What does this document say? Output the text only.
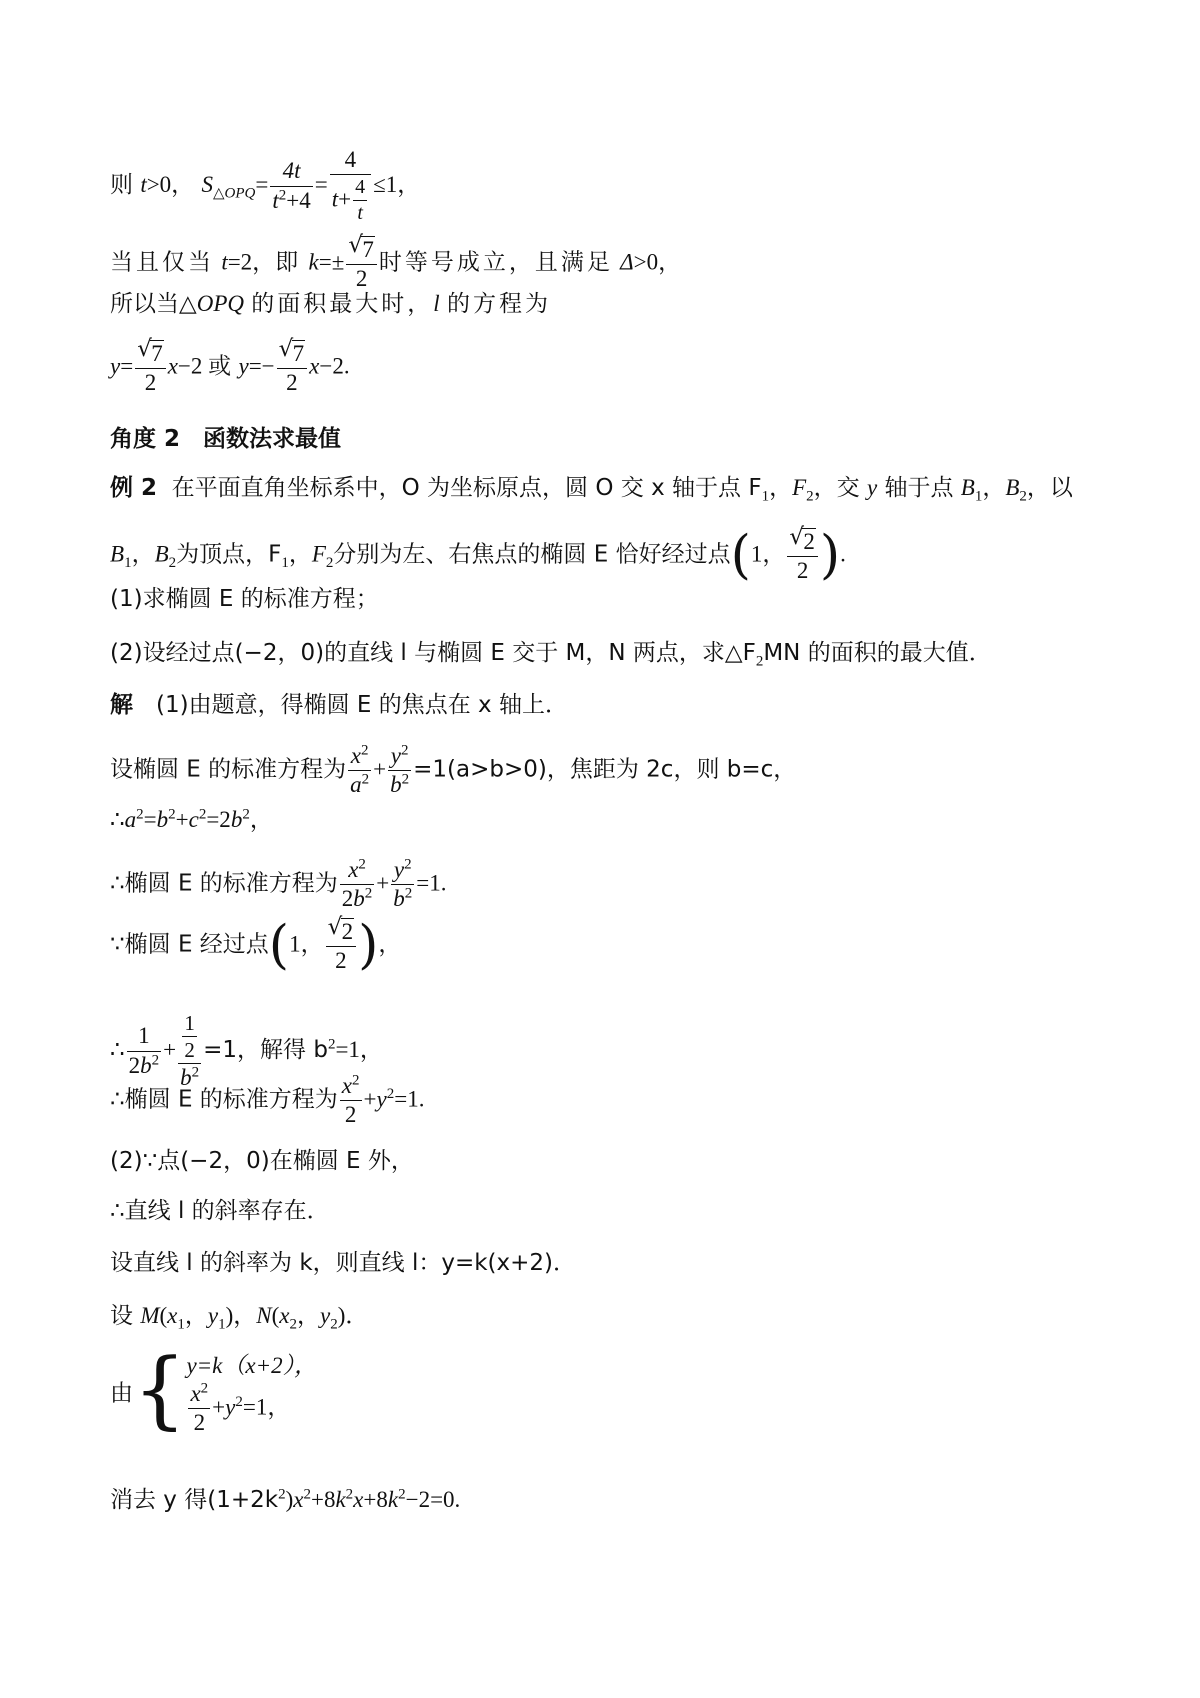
则 t>0， $S_{\triangle OPQ}= \frac{4t}{t^2+4} = \frac{4}{t+ \frac{4}{t}} \le 1$，
当且仅当 t=2，即 k=± √ $\frac{7}{2}$ 时等号成立，且满足 Δ>0，
所以当△OPQ 的面积最大时，l 的方程为
y= √ $\frac{7}{2} x-2$ 或 y=− √ $\frac{7}{2} x-2$.
角度 2　函数法求最值
例 2 在平面直角坐标系中，O 为坐标原点，圆 O 交 x 轴于点 $F_1$，$F_2$，交 y 轴于点 $B_1$，$B_2$，以
$B_1$，$B_2$为顶点，$F_1$，$F_2$分别为左、右焦点的椭圆 E 恰好经过点(1， √ $\frac{2}{2}$ ).
(1)求椭圆 E 的标准方程；
(2)设经过点(−2，0)的直线 l 与椭圆 E 交于 M，N 两点，求$\triangle F_2MN$ 的面积的最大值．
解　 (1)由题意，得椭圆 E 的焦点在 x 轴上．
设椭圆 E 的标准方程为 $\frac{x^2}{a^2} + \frac{y^2}{b^2} =1(a>b>0)$，焦距为 2c，则 b=c，
$\therefore a^2=b^2+c^2=2b^2$，
∴椭圆 E 的标准方程为 $\frac{x^2}{2b^2} + \frac{y^2}{b^2} =1$.
∵椭圆 E 经过点(1， √ $\frac{2}{2}$ )，
∴ $\frac{1}{2b^2} + \frac{\frac{1}{2}}{b^2} =1$，解得 $b^2=1$，
∴椭圆 E 的标准方程为 $\frac{x^2}{2} +y^2=1$.
(2)∵点(−2，0)在椭圆 E 外，
∴直线 l 的斜率存在．
设直线 l 的斜率为 k，则直线 l：y=k(x+2)．
设 $M(x_1$，$y_1$)，$N(x_2$，$y_2$)．
由{ y=k（x+2），
$\frac{x^2}{2} +y^2=1$，
消去 y 得$(1+2k^2)x^2+8k^2x+8k^2-2=0$.
